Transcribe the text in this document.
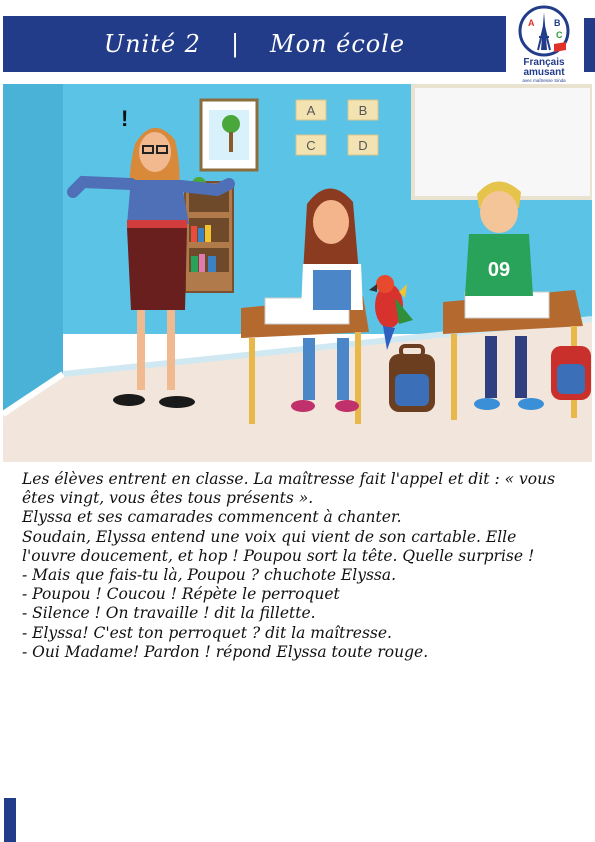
Unité 2 | Mon école
A B
C
Français
amusant
avec maîtresse Sinda
A	B
C	D
!
09

Les élèves entrent en classe. La maîtresse fait l'appel et dit : « vous êtes vingt, vous êtes tous présents ».

Elyssa et ses camarades commencent à chanter.

Soudain, Elyssa entend une voix qui vient de son cartable. Elle l'ouvre doucement, et hop ! Poupou sort la tête. Quelle surprise !

- Mais que fais-tu là, Poupou ? chuchote Elyssa.

- Poupou ! Coucou ! Répète le perroquet

- Silence ! On travaille ! dit la fillette.

- Elyssa! C'est ton perroquet ? dit la maîtresse.

- Oui Madame! Pardon ! répond Elyssa toute rouge.
